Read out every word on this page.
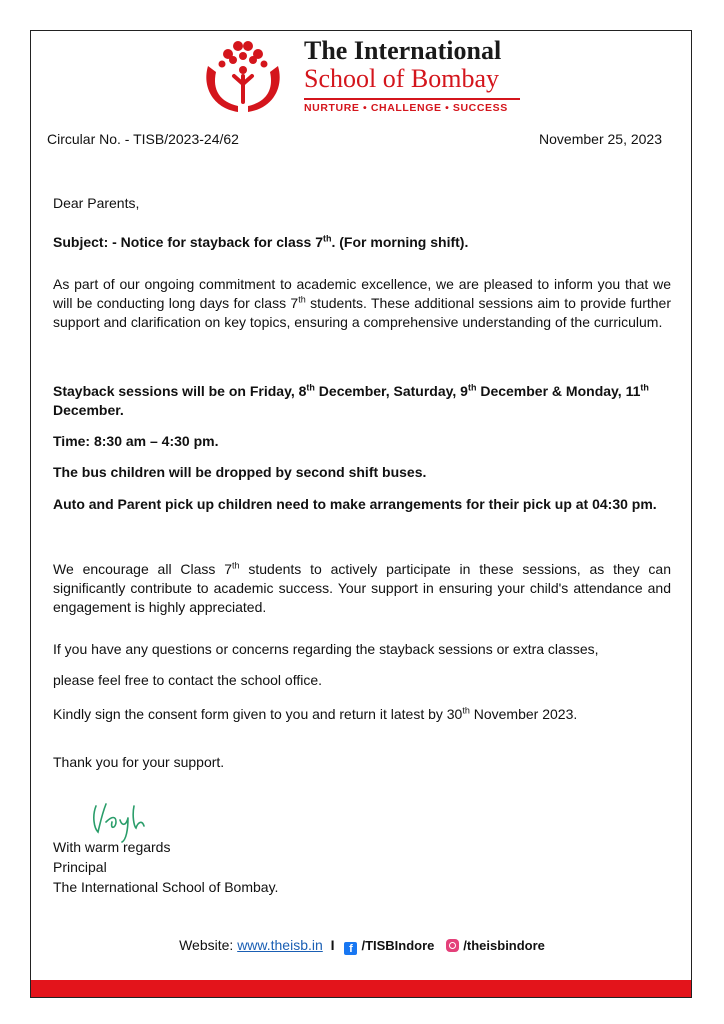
The International
School of Bombay
NURTURE • CHALLENGE • SUCCESS
Circular No. - TISB/2023-24/62	November 25, 2023
Dear Parents,
Subject: - Notice for stayback for class 7th. (For morning shift).
As part of our ongoing commitment to academic excellence, we are pleased to inform you that we will be conducting long days for class 7th students. These additional sessions aim to provide further support and clarification on key topics, ensuring a comprehensive understanding of the curriculum.
Stayback sessions will be on Friday, 8th December, Saturday, 9th December & Monday, 11th December.
Time: 8:30 am – 4:30 pm.
The bus children will be dropped by second shift buses.
Auto and Parent pick up children need to make arrangements for their pick up at 04:30 pm.
We encourage all Class 7th students to actively participate in these sessions, as they can significantly contribute to academic success. Your support in ensuring your child's attendance and engagement is highly appreciated.
If you have any questions or concerns regarding the stayback sessions or extra classes,
please feel free to contact the school office.
Kindly sign the consent form given to you and return it latest by 30th November 2023.
Thank you for your support.
With warm regards
Principal
The International School of Bombay.
Website: www.theisb.in I f /TISBIndore /theisbindore
